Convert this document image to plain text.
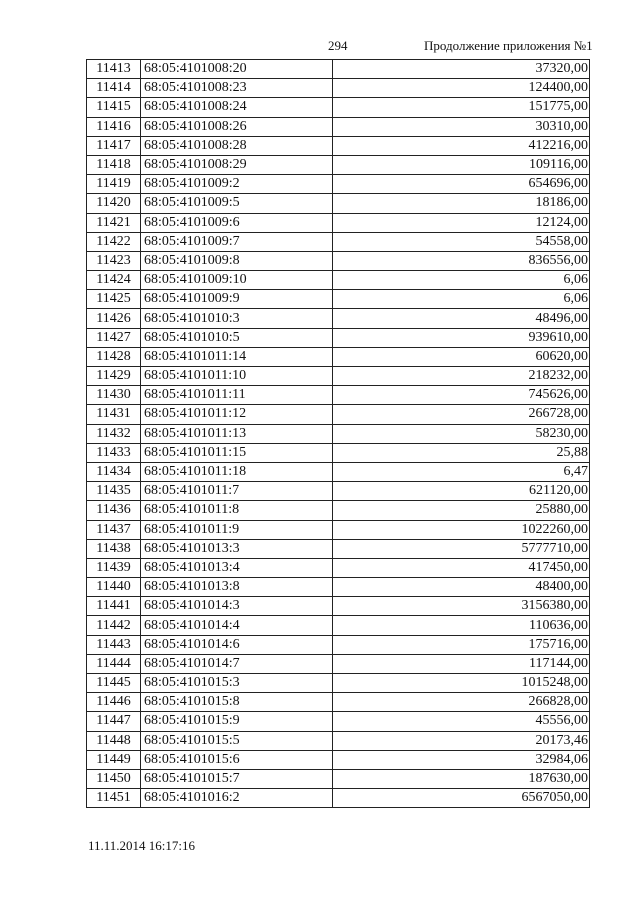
294	Продолжение приложения №1
11413	68:05:4101008:20	37320,00
11414	68:05:4101008:23	124400,00
11415	68:05:4101008:24	151775,00
11416	68:05:4101008:26	30310,00
11417	68:05:4101008:28	412216,00
11418	68:05:4101008:29	109116,00
11419	68:05:4101009:2	654696,00
11420	68:05:4101009:5	18186,00
11421	68:05:4101009:6	12124,00
11422	68:05:4101009:7	54558,00
11423	68:05:4101009:8	836556,00
11424	68:05:4101009:10	6,06
11425	68:05:4101009:9	6,06
11426	68:05:4101010:3	48496,00
11427	68:05:4101010:5	939610,00
11428	68:05:4101011:14	60620,00
11429	68:05:4101011:10	218232,00
11430	68:05:4101011:11	745626,00
11431	68:05:4101011:12	266728,00
11432	68:05:4101011:13	58230,00
11433	68:05:4101011:15	25,88
11434	68:05:4101011:18	6,47
11435	68:05:4101011:7	621120,00
11436	68:05:4101011:8	25880,00
11437	68:05:4101011:9	1022260,00
11438	68:05:4101013:3	5777710,00
11439	68:05:4101013:4	417450,00
11440	68:05:4101013:8	48400,00
11441	68:05:4101014:3	3156380,00
11442	68:05:4101014:4	110636,00
11443	68:05:4101014:6	175716,00
11444	68:05:4101014:7	117144,00
11445	68:05:4101015:3	1015248,00
11446	68:05:4101015:8	266828,00
11447	68:05:4101015:9	45556,00
11448	68:05:4101015:5	20173,46
11449	68:05:4101015:6	32984,06
11450	68:05:4101015:7	187630,00
11451	68:05:4101016:2	6567050,00
11.11.2014 16:17:16
